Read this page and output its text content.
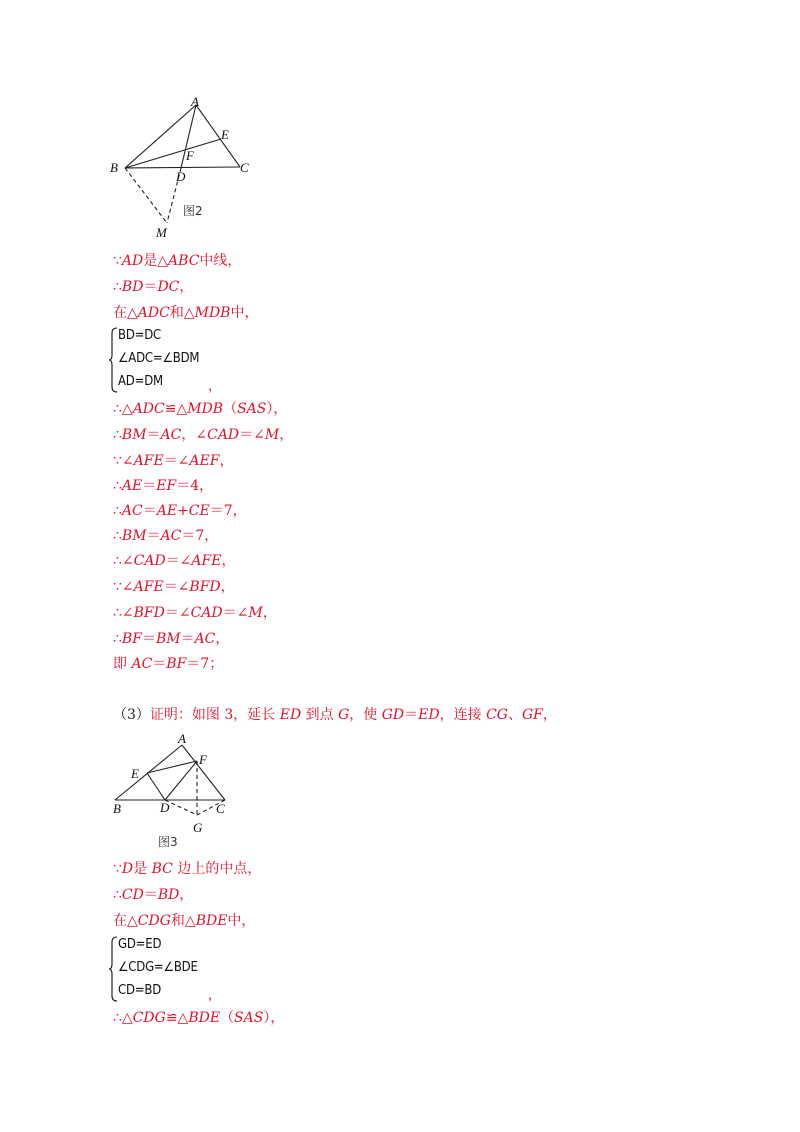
A
B	C
D
E
F
M
图2
∵AD是△ABC中线，
∴BD＝DC，
在△ADC和△MDB中，
BD=DC
∠ADC=∠BDM
AD=DM	，
∴△ADC≌△MDB（SAS），
∴BM＝AC，∠CAD＝∠M，
∵∠AFE＝∠AEF，
∴AE＝EF＝4，
∴AC＝AE+CE＝7，
∴BM＝AC＝7，
∴∠CAD＝∠AFE，
∵∠AFE＝∠BFD，
∴∠BFD＝∠CAD＝∠M，
∴BF＝BM＝AC，
即 AC＝BF＝7；
（3）证明：如图 3，延长 ED 到点 G，使 GD＝ED，连接 CG、GF，
A
B	C
D
E
F
G
图3
∵D是 BC 边上的中点，
∴CD＝BD，
在△CDG和△BDE中，
GD=ED
∠CDG=∠BDE
CD=BD	，
∴△CDG≌△BDE（SAS），
